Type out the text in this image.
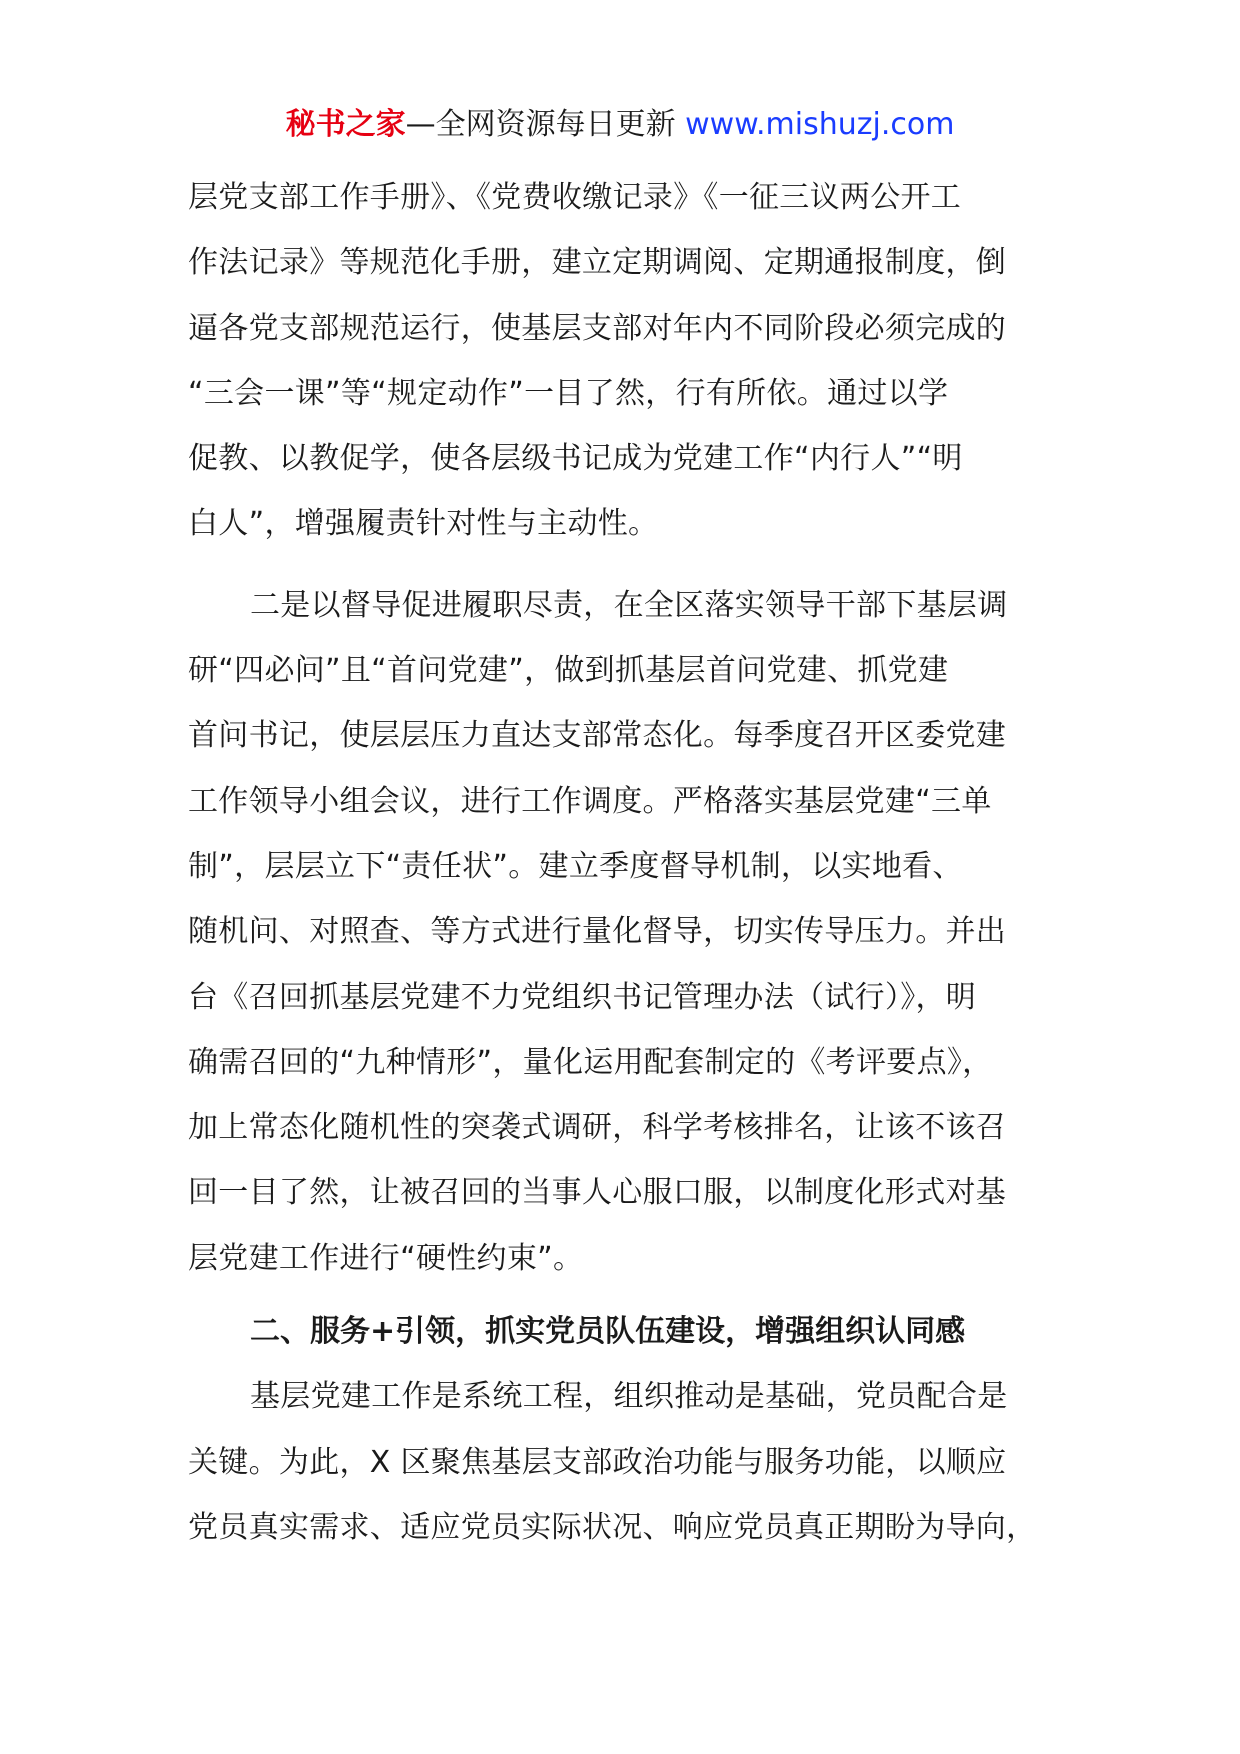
秘书之家—全网资源每日更新 www.mishuzj.com

层党支部工作手册》、《党费收缴记录》《一征三议两公开工
作法记录》等规范化手册，建立定期调阅、定期通报制度，倒
逼各党支部规范运行，使基层支部对年内不同阶段必须完成的
“三会一课”等“规定动作”一目了然，行有所依。通过以学
促教、以教促学，使各层级书记成为党建工作“内行人”“明
白人”，增强履责针对性与主动性。

二是以督导促进履职尽责，在全区落实领导干部下基层调
研“四必问”且“首问党建”，做到抓基层首问党建、抓党建
首问书记，使层层压力直达支部常态化。每季度召开区委党建
工作领导小组会议，进行工作调度。严格落实基层党建“三单
制”，层层立下“责任状”。建立季度督导机制，以实地看、
随机问、对照查、等方式进行量化督导，切实传导压力。并出
台《召回抓基层党建不力党组织书记管理办法（试行）》，明
确需召回的“九种情形”，量化运用配套制定的《考评要点》，
加上常态化随机性的突袭式调研，科学考核排名，让该不该召
回一目了然，让被召回的当事人心服口服，以制度化形式对基
层党建工作进行“硬性约束”。

二、服务+引领，抓实党员队伍建设，增强组织认同感

基层党建工作是系统工程，组织推动是基础，党员配合是
关键。为此，X 区聚焦基层支部政治功能与服务功能，以顺应
党员真实需求、适应党员实际状况、响应党员真正期盼为导向，
